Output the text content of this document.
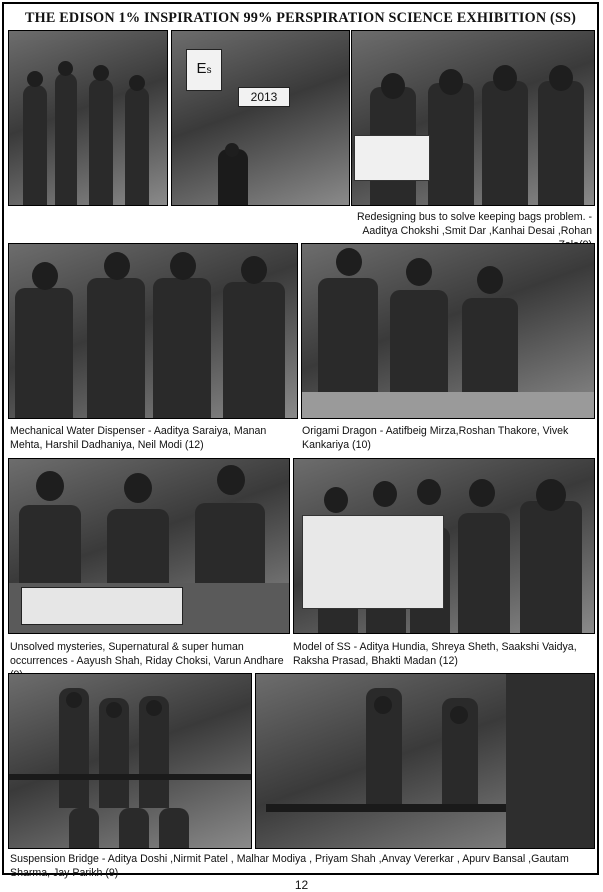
THE EDISON 1% INSPIRATION 99% PERSPIRATION SCIENCE EXHIBITION (SS)
Es
2013
Redesigning bus to solve keeping bags problem. - Aaditya Chokshi ,Smit Dar ,Kanhai Desai ,Rohan
Mechanical Water Dispenser - Aaditya Saraiya, Manan Mehta, Harshil Dadhaniya, Neil Modi (12)
Origami Dragon - Aatifbeig Mirza,Roshan Thakore, Vivek Kankariya (10)
Unsolved mysteries, Supernatural & super human occurrences - Aayush Shah, Riday Choksi, Varun Andhare
Model of SS - Aditya Hundia, Shreya Sheth, Saakshi Vaidya, Raksha Prasad, Bhakti Madan (12)
Suspension Bridge - Aditya Doshi ,Nirmit Patel , Malhar Modiya , Priyam Shah ,Anvay Vererkar , Apurv Bansal ,Gautam Sharma, Jay Parikh (9)
12
